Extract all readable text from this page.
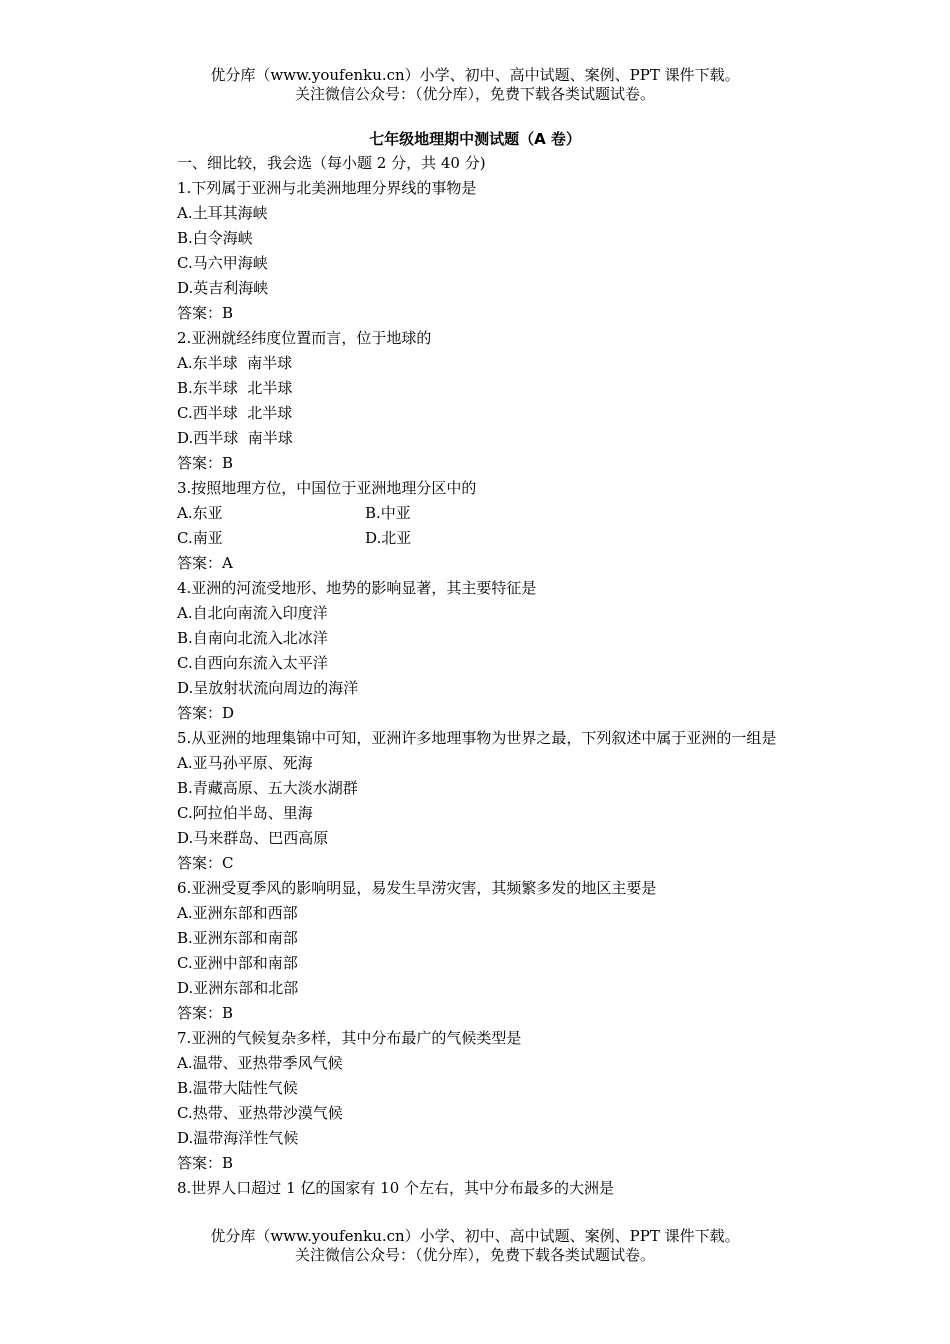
优分库（www.youfenku.cn）小学、初中、高中试题、案例、PPT 课件下载。
关注微信公众号：（优分库），免费下载各类试题试卷。
七年级地理期中测试题（A 卷）
一、细比较，我会选（每小题 2 分，共 40 分)
1.下列属于亚洲与北美洲地理分界线的事物是
A.土耳其海峡
B.白令海峡
C.马六甲海峡
D.英吉利海峡
答案：B
2.亚洲就经纬度位置而言，位于地球的
A.东半球  南半球
B.东半球  北半球
C.西半球  北半球
D.西半球  南半球
答案：B
3.按照地理方位，中国位于亚洲地理分区中的
A.东亚	B.中亚
C.南亚	D.北亚
答案：A
4.亚洲的河流受地形、地势的影响显著，其主要特征是
A.自北向南流入印度洋
B.自南向北流入北冰洋
C.自西向东流入太平洋
D.呈放射状流向周边的海洋
答案：D
5.从亚洲的地理集锦中可知，亚洲许多地理事物为世界之最，下列叙述中属于亚洲的一组是
A.亚马孙平原、死海
B.青藏高原、五大淡水湖群
C.阿拉伯半岛、里海
D.马来群岛、巴西高原
答案：C
6.亚洲受夏季风的影响明显，易发生旱涝灾害，其频繁多发的地区主要是
A.亚洲东部和西部
B.亚洲东部和南部
C.亚洲中部和南部
D.亚洲东部和北部
答案：B
7.亚洲的气候复杂多样，其中分布最广的气候类型是
A.温带、亚热带季风气候
B.温带大陆性气候
C.热带、亚热带沙漠气候
D.温带海洋性气候
答案：B
8.世界人口超过 1 亿的国家有 10 个左右，其中分布最多的大洲是
优分库（www.youfenku.cn）小学、初中、高中试题、案例、PPT 课件下载。
关注微信公众号：（优分库），免费下载各类试题试卷。
